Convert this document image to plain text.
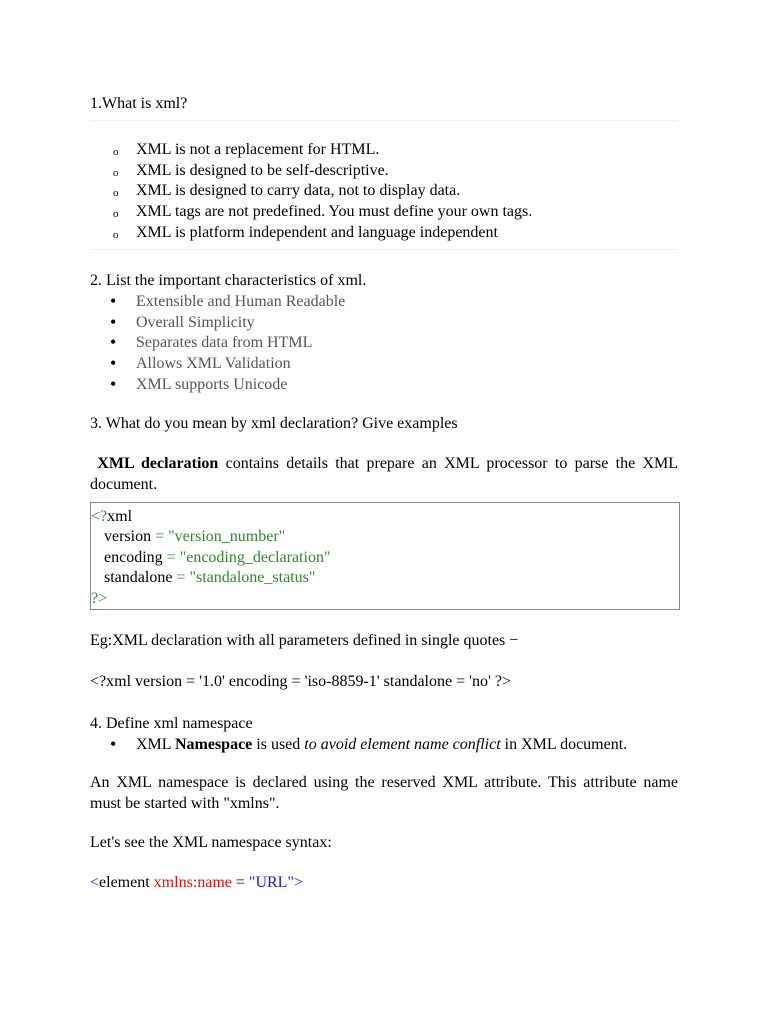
1.What is xml?
o XML is not a replacement for HTML.
o XML is designed to be self-descriptive.
o XML is designed to carry data, not to display data.
o XML tags are not predefined. You must define your own tags.
o XML is platform independent and language independent
2. List the important characteristics of xml.
• Extensible and Human Readable
• Overall Simplicity
• Separates data from HTML
• Allows XML Validation
• XML supports Unicode
3. What do you mean by xml declaration? Give examples
XML declaration contains details that prepare an XML processor to parse the XML document.
<?xml
version = "version_number"
encoding = "encoding_declaration"
standalone = "standalone_status"
?>
Eg:XML declaration with all parameters defined in single quotes −
<?xml version = '1.0' encoding = 'iso-8859-1' standalone = 'no' ?>
4. Define xml namespace
• XML Namespace is used to avoid element name conflict in XML document.
An XML namespace is declared using the reserved XML attribute. This attribute name must be started with "xmlns".
Let's see the XML namespace syntax:
<element xmlns:name = "URL">
